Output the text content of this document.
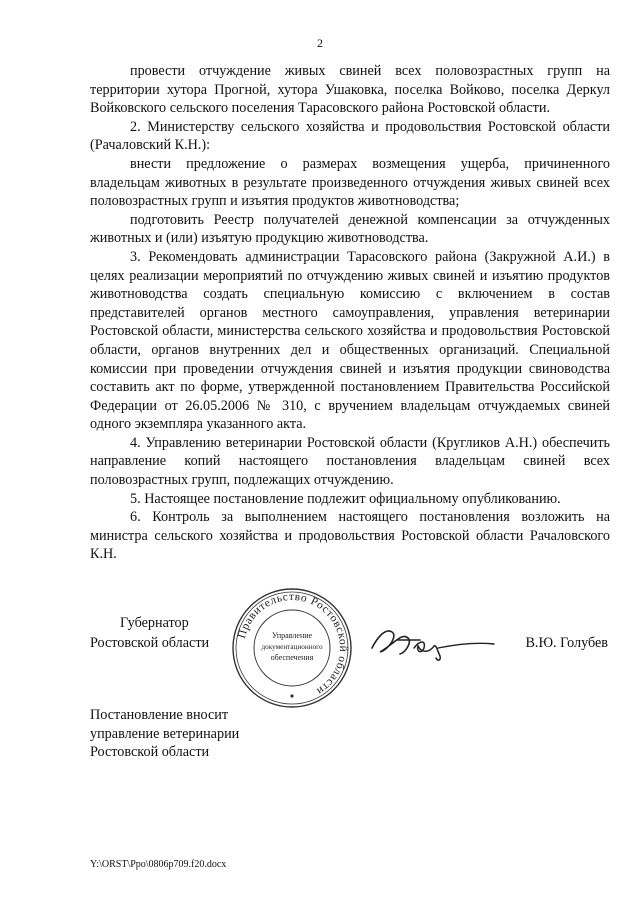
2

провести отчуждение живых свиней всех половозрастных групп на территории хутора Прогной, хутора Ушаковка, поселка Войково, поселка Деркул Войковского сельского поселения Тарасовского района Ростовской области.

2. Министерству сельского хозяйства и продовольствия Ростовской области (Рачаловский К.Н.):

внести предложение о размерах возмещения ущерба, причиненного владельцам животных в результате произведенного отчуждения живых свиней всех половозрастных групп и изъятия продуктов животноводства;

подготовить Реестр получателей денежной компенсации за отчужденных животных и (или) изъятую продукцию животноводства.

3. Рекомендовать администрации Тарасовского района (Закружной А.И.) в целях реализации мероприятий по отчуждению живых свиней и изъятию продуктов животноводства создать специальную комиссию с включением в состав представителей органов местного самоуправления, управления ветеринарии Ростовской области, министерства сельского хозяйства и продовольствия Ростовской области, органов внутренних дел и общественных организаций. Специальной комиссии при проведении отчуждения свиней и изъятия продукции свиноводства составить акт по форме, утвержденной постановлением Правительства Российской Федерации от 26.05.2006 № 310, с вручением владельцам отчуждаемых свиней одного экземпляра указанного акта.

4. Управлению ветеринарии Ростовской области (Кругликов А.Н.) обеспечить направление копий настоящего постановления владельцам свиней всех половозрастных групп, подлежащих отчуждению.

5. Настоящее постановление подлежит официальному опубликованию.

6. Контроль за выполнением настоящего постановления возложить на министра сельского хозяйства и продовольствия Ростовской области Рачаловского К.Н.

Губернатор
Ростовской области
Правительство Ростовской области
Управление
документационного
обеспечения
В.Ю. Голубев
Постановление вносит
управление ветеринарии
Ростовской области
Y:\ORST\Ppo\0806p709.f20.docx
